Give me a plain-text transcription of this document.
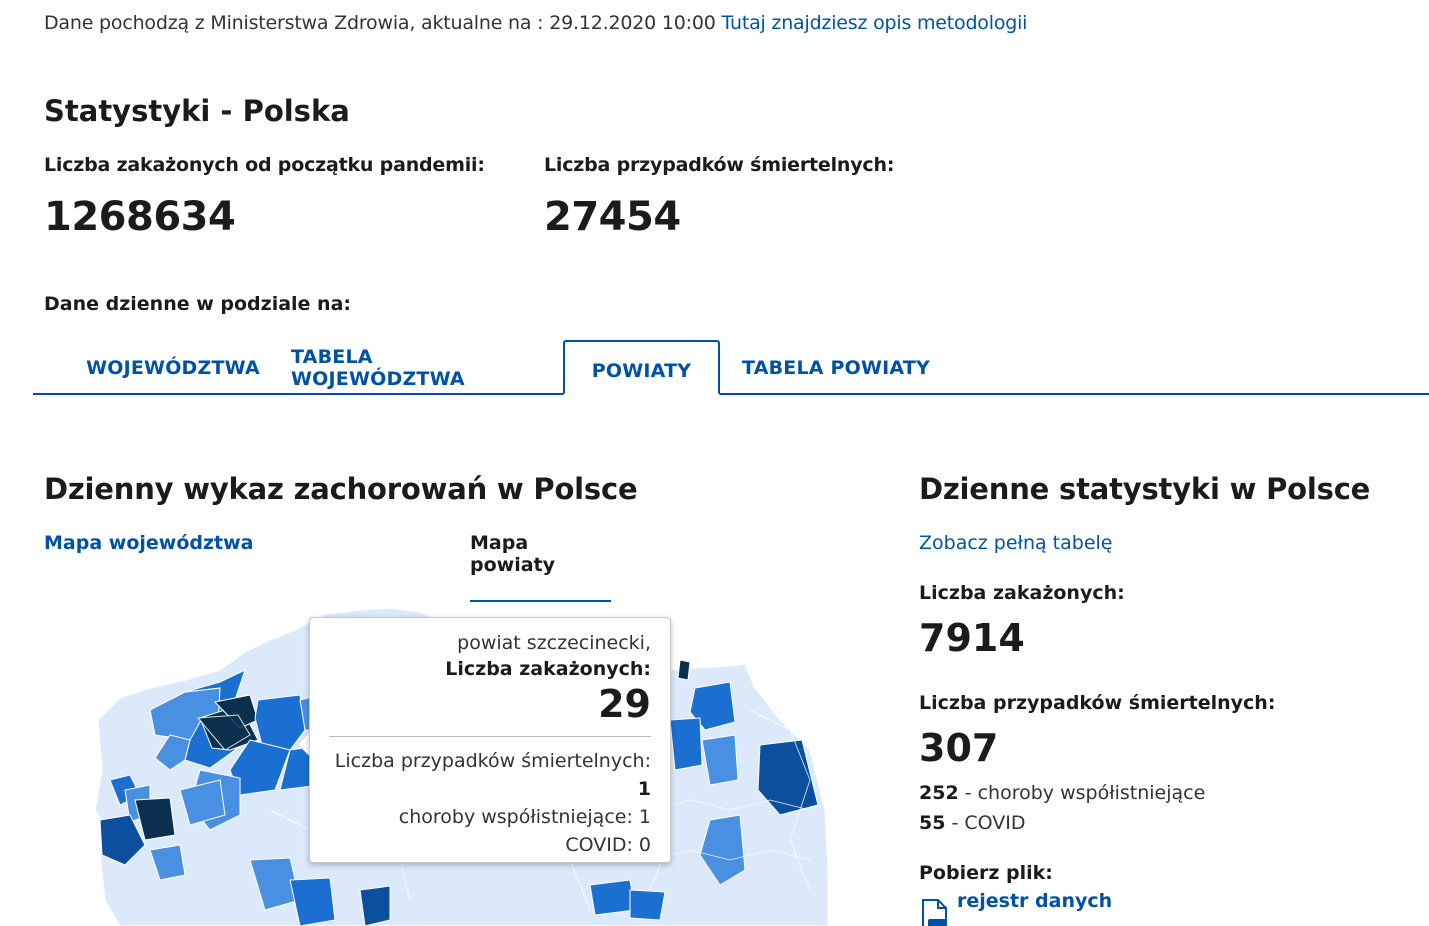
Dane pochodzą z Ministerstwa Zdrowia, aktualne na : 29.12.2020 10:00 Tutaj znajdziesz opis metodologii
Statystyki - Polska
Liczba zakażonych od początku pandemii:
1268634
Liczba przypadków śmiertelnych:
27454
Dane dzienne w podziale na:
WOJEWÓDZTWA	TABELA WOJEWÓDZTWA	POWIATY	TABELA POWIATY
Dzienny wykaz zachorowań w Polsce	Dzienne statystyki w Polsce
Mapa województwa	Mapa powiaty
powiat szczecinecki,
Liczba zakażonych:
29
Liczba przypadków śmiertelnych: 1
choroby współistniejące: 1
COVID: 0
Zobacz pełną tabelę
Liczba zakażonych:
7914
Liczba przypadków śmiertelnych:
307
252 - choroby współistniejące
55 - COVID
Pobierz plik:
rejestr danych
